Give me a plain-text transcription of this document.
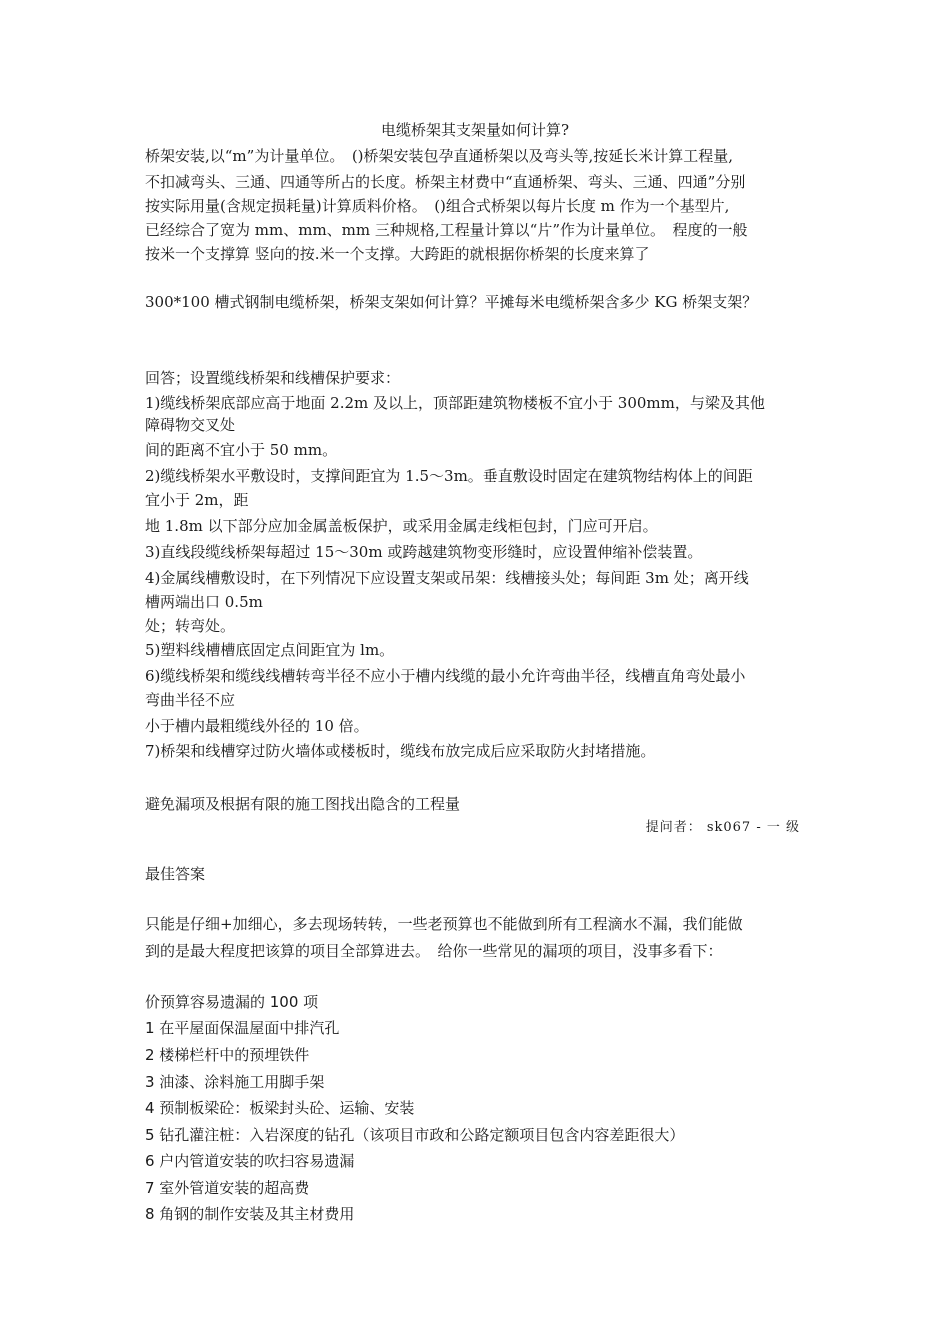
电缆桥架其支架量如何计算?
桥架安装,以“m”为计量单位。　()桥架安装包孕直通桥架以及弯头等,按延长米计算工程量,
不扣减弯头、三通、四通等所占的长度。桥架主材费中“直通桥架、弯头、三通、四通”分别
按实际用量(含规定损耗量)计算质料价格。　()组合式桥架以每片长度 m 作为一个基型片,
已经综合了宽为 mm、mm、mm 三种规格,工程量计算以“片”作为计量单位。　程度的一般
按米一个支撑算 竖向的按.米一个支撑。大跨距的就根据你桥架的长度来算了
300*100 槽式钢制电缆桥架，桥架支架如何计算？平摊每米电缆桥架含多少 KG 桥架支架？
回答；设置缆线桥架和线槽保护要求：
1)缆线桥架底部应高于地面 2.2m 及以上，顶部距建筑物楼板不宜小于 300mm，与梁及其他
障碍物交叉处
间的距离不宜小于 50 mm。
2)缆线桥架水平敷设时，支撑间距宜为 1.5～3m。垂直敷设时固定在建筑物结构体上的间距
宜小于 2m，距
地 1.8m 以下部分应加金属盖板保护，或采用金属走线柜包封，门应可开启。
3)直线段缆线桥架每超过 15～30m 或跨越建筑物变形缝时，应设置伸缩补偿装置。
4)金属线槽敷设时，在下列情况下应设置支架或吊架：线槽接头处；每间距 3m 处；离开线
槽两端出口 0.5m
处；转弯处。
5)塑料线槽槽底固定点间距宜为 lm。
6)缆线桥架和缆线线槽转弯半径不应小于槽内线缆的最小允许弯曲半径，线槽直角弯处最小
弯曲半径不应
小于槽内最粗缆线外径的 10 倍。
7)桥架和线槽穿过防火墙体或楼板时，缆线布放完成后应采取防火封堵措施。
避免漏项及根据有限的施工图找出隐含的工程量
提问者： sk067 - 一 级
最佳答案
只能是仔细+加细心，多去现场转转，一些老预算也不能做到所有工程滴水不漏，我们能做
到的是最大程度把该算的项目全部算进去。　给你一些常见的漏项的项目，没事多看下：
价预算容易遗漏的 100 项
1 在平屋面保温屋面中排汽孔
2 楼梯栏杆中的预埋铁件
3 油漆、涂料施工用脚手架
4 预制板梁砼：板梁封头砼、运输、安装
5 钻孔灌注桩：入岩深度的钻孔（该项目市政和公路定额项目包含内容差距很大）
6 户内管道安装的吹扫容易遗漏
7 室外管道安装的超高费
8 角钢的制作安装及其主材费用
